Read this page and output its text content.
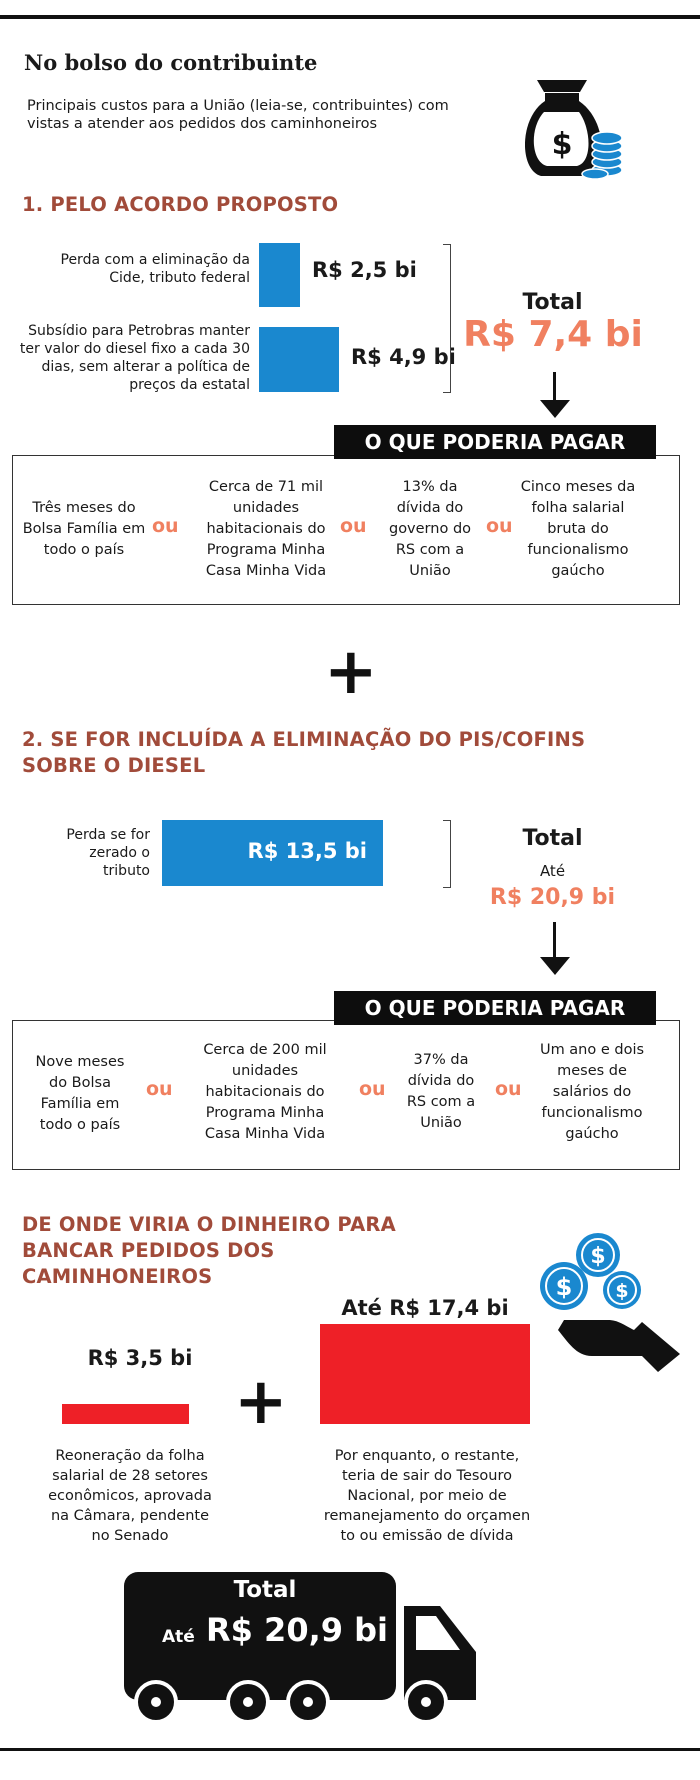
No bolso do contribuinte
Principais custos para a União (leia-se, contribuintes) com vistas a atender aos pedidos dos caminhoneiros
$
1. PELO ACORDO PROPOSTO
Perda com a eliminação da Cide, tributo federal	R$ 2,5 bi
Subsídio para Petrobras manter ter valor do diesel fixo a cada 30 dias, sem alterar a política de preços da estatal
R$ 4,9 bi
Total
R$ 7,4 bi
O QUE PODERIA PAGAR
Três meses do Bolsa Família em todo o país
ou
Cerca de 71 mil unidades habitacionais do Programa Minha Casa Minha Vida
ou
13% da dívida do governo do RS com a União
ou
Cinco meses da folha salarial bruta do funcionalismo gaúcho
+
2. SE FOR INCLUÍDA A ELIMINAÇÃO DO PIS/COFINS SOBRE O DIESEL
Perda se for zerado o tributo
R$ 13,5 bi	Total
Até
R$ 20,9 bi
O QUE PODERIA PAGAR
Nove meses do Bolsa Família em todo o país
ou
Cerca de 200 mil unidades habitacionais do Programa Minha Casa Minha Vida
ou
37% da dívida do RS com a União
ou
Um ano e dois meses de salários do funcionalismo gaúcho
DE ONDE VIRIA O DINHEIRO PARA BANCAR PEDIDOS DOS CAMINHONEIROS
$
$ $
R$ 3,5 bi
Reoneração da folha salarial de 28 setores econômicos, aprovada na Câmara, pendente no Senado
+
Até R$ 17,4 bi
Por enquanto, o restante, teria de sair do Tesouro Nacional, por meio de remanejamento do orçamen to ou emissão de dívida
Total
Até R$ 20,9 bi
